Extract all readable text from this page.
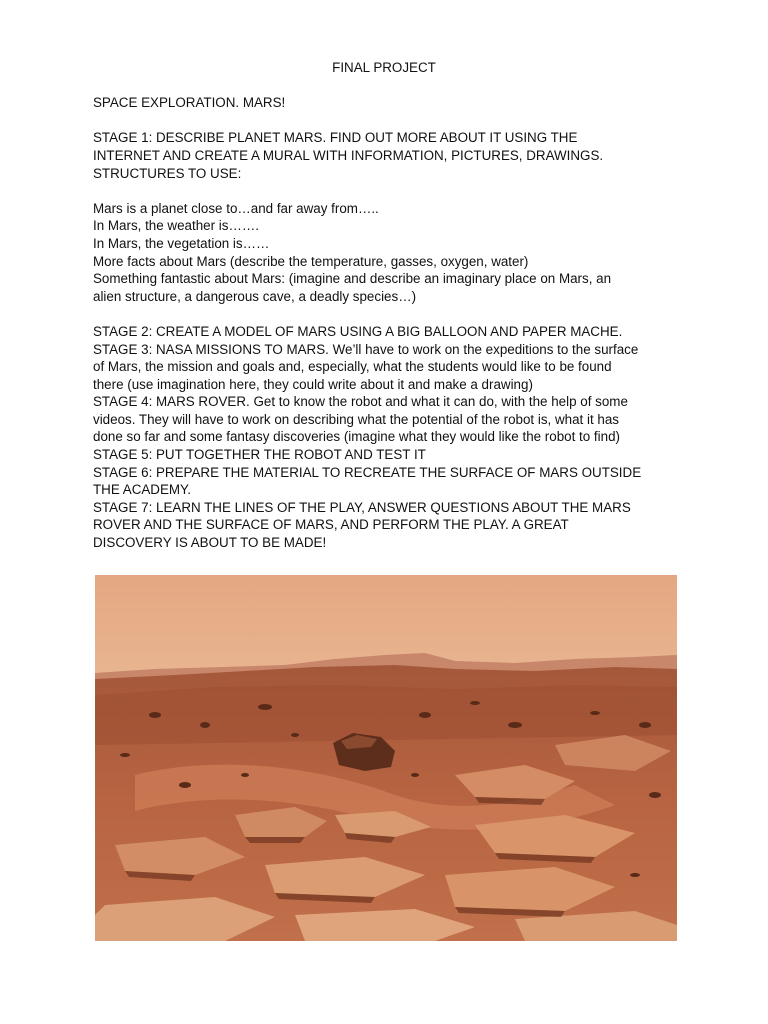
FINAL PROJECT

SPACE EXPLORATION. MARS!

STAGE 1: DESCRIBE PLANET MARS. FIND OUT MORE ABOUT IT USING THE

INTERNET AND CREATE A MURAL WITH INFORMATION, PICTURES, DRAWINGS.

STRUCTURES TO USE:

Mars is a planet close to…and far away from…..

In Mars, the weather is…….

In Mars, the vegetation is……

More facts about Mars (describe the temperature, gasses, oxygen, water)

Something fantastic about Mars: (imagine and describe an imaginary place on Mars, an

alien structure, a dangerous cave, a deadly species…)

STAGE 2: CREATE A MODEL OF MARS USING A BIG BALLOON AND PAPER MACHE.

STAGE 3: NASA MISSIONS TO MARS. We’ll have to work on the expeditions to the surface

of Mars, the mission and goals and, especially, what the students would like to be found

there (use imagination here, they could write about it and make a drawing)

STAGE 4: MARS ROVER. Get to know the robot and what it can do, with the help of some

videos. They will have to work on describing what the potential of the robot is, what it has

done so far and some fantasy discoveries (imagine what they would like the robot to find)

STAGE 5: PUT TOGETHER THE ROBOT AND TEST IT

STAGE 6: PREPARE THE MATERIAL TO RECREATE THE SURFACE OF MARS OUTSIDE

THE ACADEMY.

STAGE 7: LEARN THE LINES OF THE PLAY, ANSWER QUESTIONS ABOUT THE MARS

ROVER AND THE SURFACE OF MARS, AND PERFORM THE PLAY. A GREAT

DISCOVERY IS ABOUT TO BE MADE!
